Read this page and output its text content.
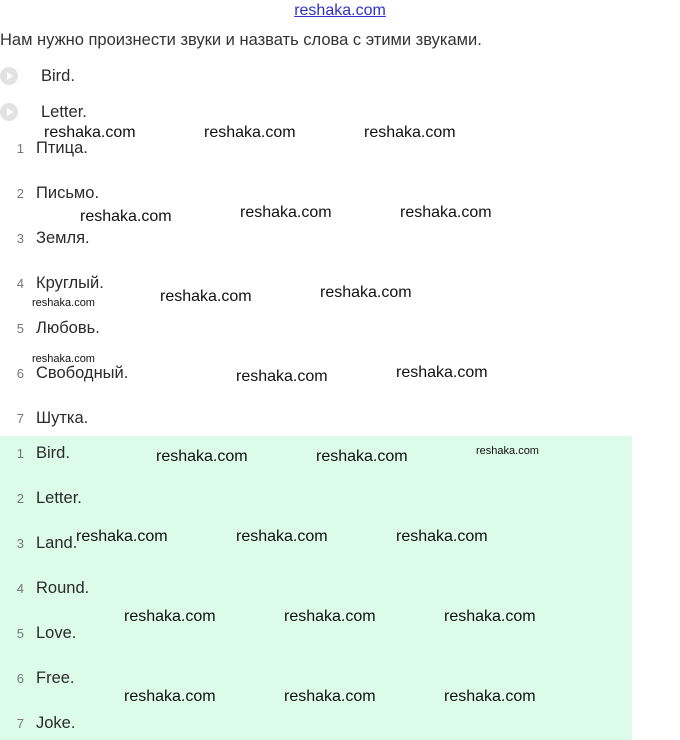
reshaka.com
Нам нужно произнести звуки и назвать слова с этими звуками.
Bird.
Letter.
1 Птица.
2 Письмо.
3 Земля.
4 Круглый.
5 Любовь.
6 Свободный.
7 Шутка.
1 Bird.
2 Letter.
3 Land.
4 Round.
5 Love.
6 Free.
7 Joke.
reshaka.com	reshaka.com	reshaka.com
reshaka.com	reshaka.com	reshaka.com
reshaka.com	reshaka.com	reshaka.com
reshaka.com
reshaka.com	reshaka.com
reshaka.com	reshaka.com	reshaka.com
reshaka.com	reshaka.com	reshaka.com
reshaka.com	reshaka.com	reshaka.com
reshaka.com	reshaka.com	reshaka.com
